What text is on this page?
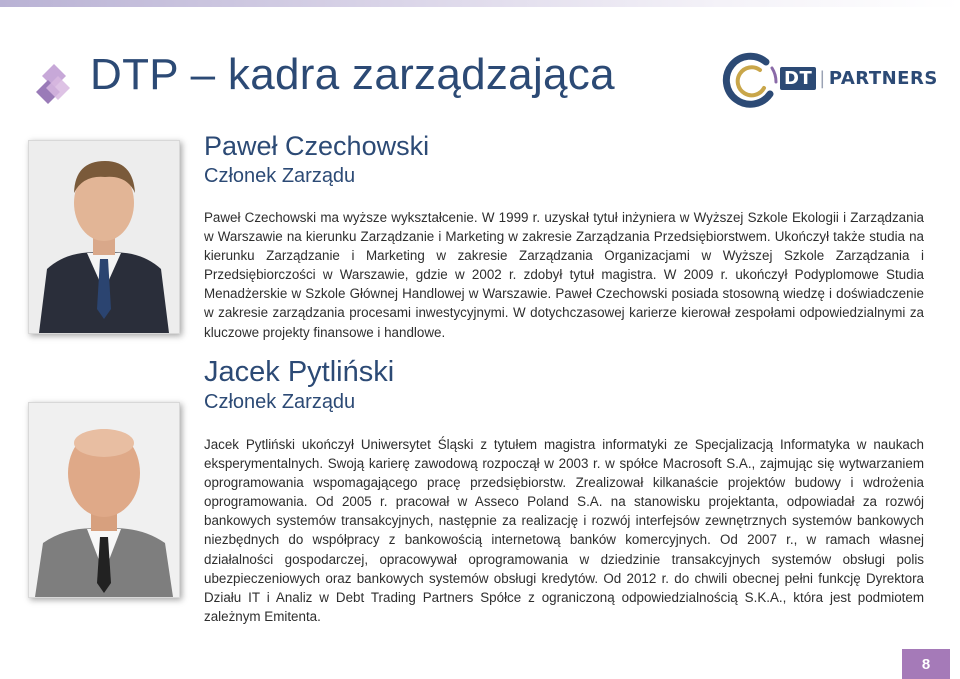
DTP – kadra zarządzająca	DT | PARTNERS
Paweł Czechowski

Członek Zarządu

Paweł Czechowski ma wyższe wykształcenie. W 1999 r. uzyskał tytuł inżyniera w Wyższej Szkole Ekologii i Zarządzania w Warszawie na kierunku Zarządzanie i Marketing w zakresie Zarządzania Przedsiębiorstwem. Ukończył także studia na kierunku Zarządzanie i Marketing w zakresie Zarządzania Organizacjami w Wyższej Szkole Zarządzania i Przedsiębiorczości w Warszawie, gdzie w 2002 r. zdobył tytuł magistra. W 2009 r. ukończył Podyplomowe Studia Menadżerskie w Szkole Głównej Handlowej w Warszawie. Paweł Czechowski posiada stosowną wiedzę i doświadczenie w zakresie zarządzania procesami inwestycyjnymi. W dotychczasowej karierze kierował zespołami odpowiedzialnymi za kluczowe projekty finansowe i handlowe.

Jacek Pytliński

Członek Zarządu

Jacek Pytliński ukończył Uniwersytet Śląski z tytułem magistra informatyki ze Specjalizacją Informatyka w naukach eksperymentalnych. Swoją karierę zawodową rozpoczął w 2003 r. w spółce Macrosoft S.A., zajmując się wytwarzaniem oprogramowania wspomagającego pracę przedsiębiorstw. Zrealizował kilkanaście projektów budowy i wdrożenia oprogramowania. Od 2005 r. pracował w Asseco Poland S.A. na stanowisku projektanta, odpowiadał za rozwój bankowych systemów transakcyjnych, następnie za realizację i rozwój interfejsów zewnętrznych systemów bankowych niezbędnych do współpracy z bankowością internetową banków komercyjnych. Od 2007 r., w ramach własnej działalności gospodarczej, opracowywał oprogramowania w dziedzinie transakcyjnych systemów obsługi polis ubezpieczeniowych oraz bankowych systemów obsługi kredytów. Od 2012 r. do chwili obecnej pełni funkcję Dyrektora Działu IT i Analiz w Debt Trading Partners Spółce z ograniczoną odpowiedzialnością S.K.A., która jest podmiotem zależnym Emitenta.

8
